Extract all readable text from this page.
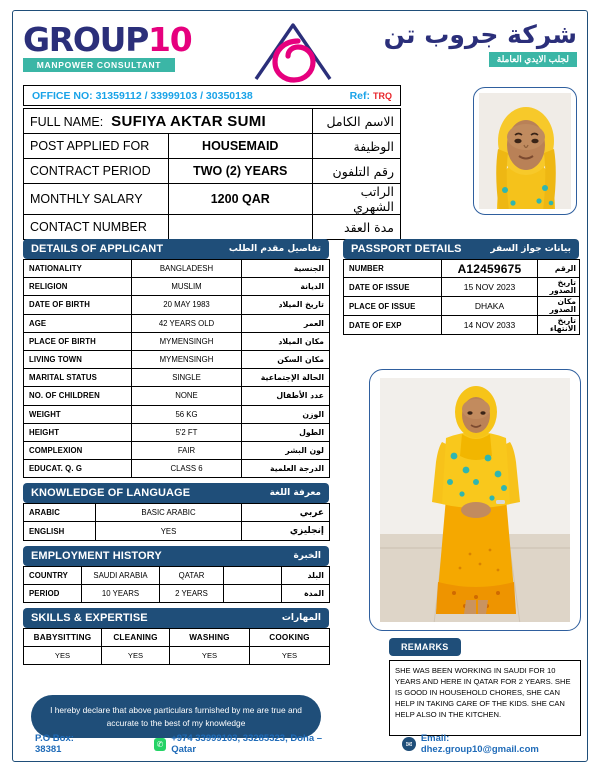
GROUP10
MANPOWER CONSULTANT
شركة جروب تن
لجلب الايدي العاملة
OFFICE NO: 31359112 / 33999103 / 30350138	Ref: TRQ
FULL NAME: SUFIYA AKTAR SUMI		الاسم الكامل
POST APPLIED FOR	HOUSEMAID	الوظيفة
CONTRACT PERIOD	TWO (2) YEARS	رقم التلفون
MONTHLY SALARY	1200 QAR	الراتب الشهري
CONTACT NUMBER		مدة العقد
DETAILS OF APPLICANT	تفاصيل مقدم الطلب
NATIONALITY	BANGLADESH	الجنسية
RELIGION	MUSLIM	الديانة
DATE OF BIRTH	20 MAY 1983	تاريخ الميلاد
AGE	42 YEARS OLD	العمر
PLACE OF BIRTH	MYMENSINGH	مكان الميلاد
LIVING TOWN	MYMENSINGH	مكان السكن
MARITAL STATUS	SINGLE	الحالة الإجتماعية
NO. OF CHILDREN	NONE	عدد الأطفال
WEIGHT	56 KG	الوزن
HEIGHT	5'2 FT	الطول
COMPLEXION	FAIR	لون البشر
EDUCAT. Q. G	CLASS 6	الدرجة العلمية
KNOWLEDGE OF LANGUAGE	معرفة اللغة
ARABIC	BASIC ARABIC	عربي
ENGLISH	YES	إنجليزي
EMPLOYMENT HISTORY	الخبرة
COUNTRY	SAUDI ARABIA	QATAR		البلد
PERIOD	10 YEARS	2 YEARS		المدة
SKILLS & EXPERTISE	المهارات
BABYSITTING	CLEANING	WASHING	COOKING
YES	YES	YES	YES
PASSPORT DETAILS	بيانات جواز السفر
NUMBER	A12459675	الرقم
DATE OF ISSUE	15 NOV 2023	تاريخ الصدور
PLACE OF ISSUE	DHAKA	مكان الصدور
DATE OF EXP	14 NOV 2033	تاريخ الانتهاء
REMARKS
SHE WAS BEEN WORKING IN SAUDI FOR 10 YEARS AND HERE IN QATAR FOR 2 YEARS. SHE IS GOOD IN HOUSEHOLD CHORES, SHE CAN HELP IN TAKING CARE OF THE KIDS. SHE CAN HELP ALSO IN THE KITCHEN.
I hereby declare that above particulars furnished by me are true and accurate to the best of my knowledge
P.O Box: 38381	✆ +974 33999103, 33285323, Doha – Qatar	✉ Email: dhez.group10@gmail.com
